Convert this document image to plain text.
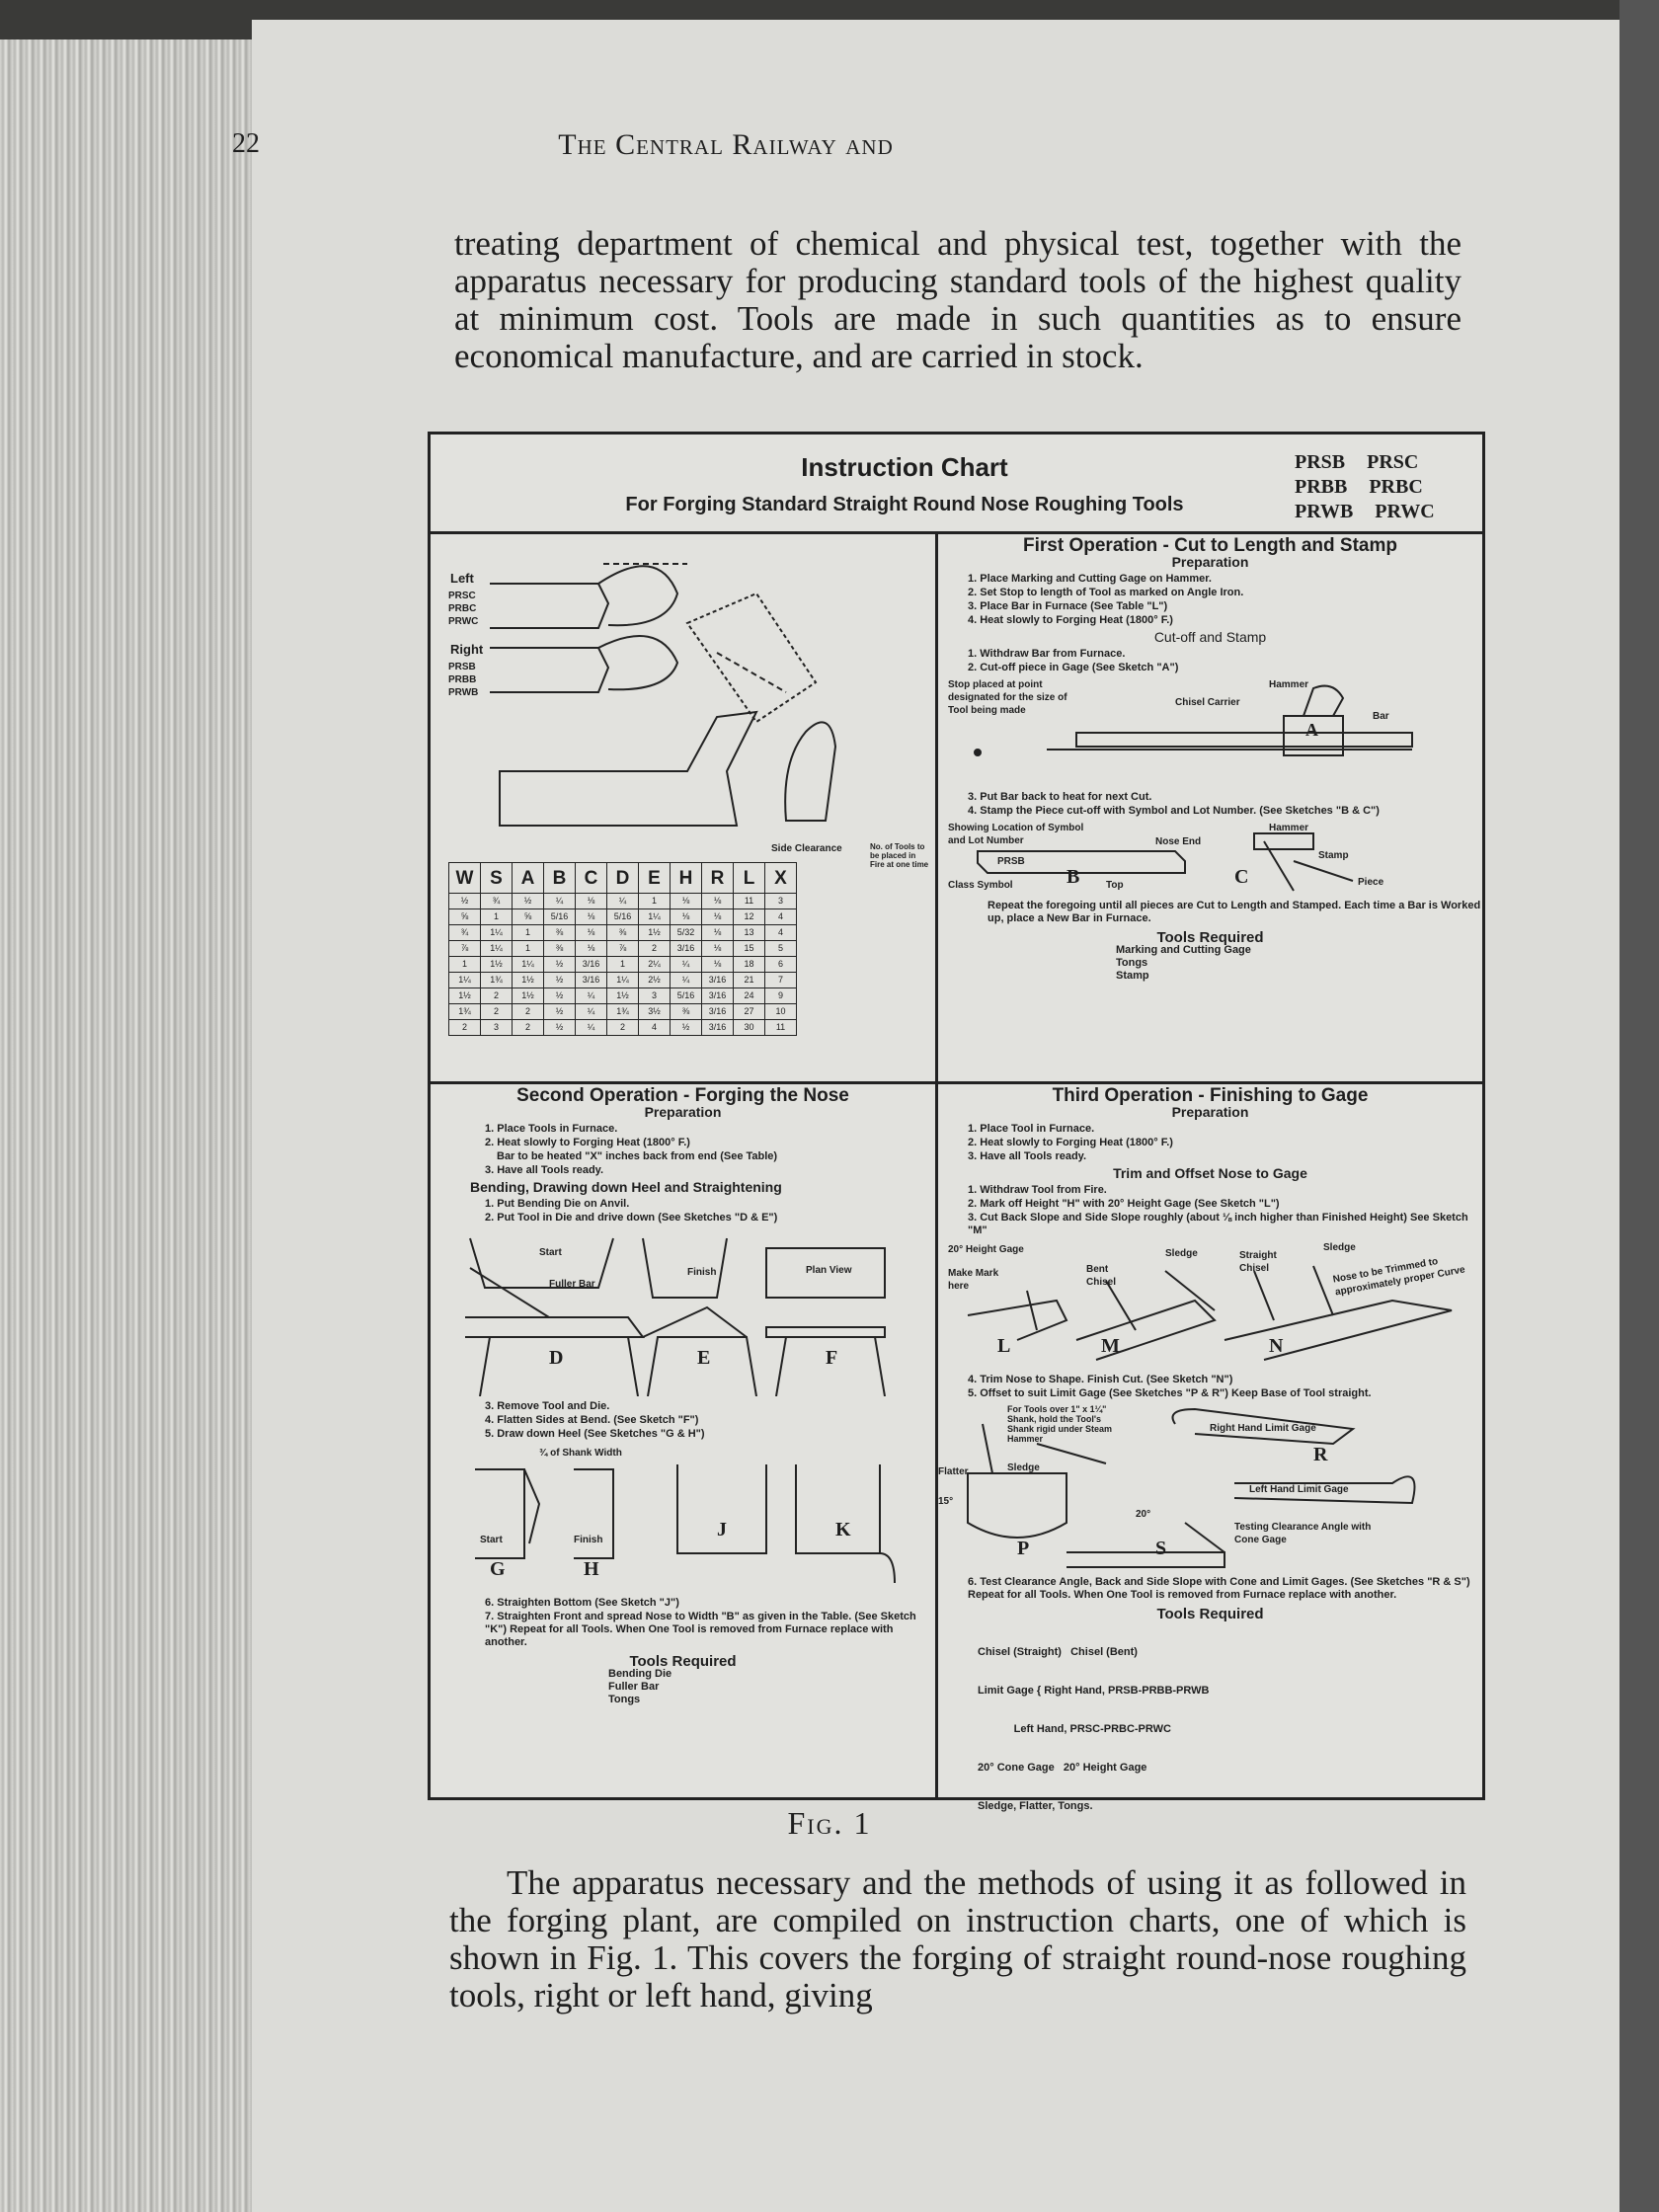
22	The Central Railway and

treating department of chemical and physical test, together with the apparatus necessary for producing standard tools of the highest quality at minimum cost. Tools are made in such quantities as to ensure economical manufacture, and are carried in stock.

Instruction Chart
For Forging Standard Straight Round Nose Roughing Tools
PRSB PRSC
PRBB PRBC
PRWB PRWC
Left
PRSC PRBC PRWC
Right
PRSB PRBB PRWB
Side Clearance	No. of Tools to be placed in Fire at one time
W	S	A	B	C	D	E	H	R	L	X
½	¾	½	¼	⅛	¼	1	⅛	⅛	11	3
⅝	1	⅝	5/16	⅛	5/16	1¼	⅛	⅛	12	4
¾	1¼	1	⅜	⅛	⅜	1½	5/32	⅛	13	4
⅞	1¼	1	⅜	⅛	⅞	2	3/16	⅛	15	5
1	1½	1¼	½	3/16	1	2¼	¼	⅛	18	6
1¼	1¾	1½	½	3/16	1¼	2½	¼	3/16	21	7
1½	2	1½	½	¼	1½	3	5/16	3/16	24	9
1¾	2	2	½	¼	1¾	3½	⅜	3/16	27	10
2	3	2	½	¼	2	4	½	3/16	30	11
First Operation - Cut to Length and Stamp
Preparation
1. Place Marking and Cutting Gage on Hammer.
2. Set Stop to length of Tool as marked on Angle Iron.
3. Place Bar in Furnace (See Table "L")
4. Heat slowly to Forging Heat (1800° F.)
Cut-off and Stamp
1. Withdraw Bar from Furnace.
2. Cut-off piece in Gage (See Sketch "A")
Stop placed at point designated for the size of Tool being made
Chisel Carrier
Hammer
Bar
A
3. Put Bar back to heat for next Cut.
4. Stamp the Piece cut-off with Symbol and Lot Number. (See Sketches "B & C")
Showing Location of Symbol and Lot Number
PRSB
Class Symbol	Top
Nose End
Hammer
Stamp
Piece
B	C
Repeat the foregoing until all pieces are Cut to Length and Stamped. Each time a Bar is Worked up, place a New Bar in Furnace.
Tools Required
Marking and Cutting Gage
Tongs
Stamp
Second Operation - Forging the Nose
Preparation
1. Place Tools in Furnace.
2. Heat slowly to Forging Heat (1800° F.)
Bar to be heated "X" inches back from end (See Table)
3. Have all Tools ready.
Bending, Drawing down Heel and Straightening
1. Put Bending Die on Anvil.
2. Put Tool in Die and drive down (See Sketches "D & E")
Start
Fuller Bar
Finish	Plan View
D	E	F
3. Remove Tool and Die.
4. Flatten Sides at Bend. (See Sketch "F")
5. Draw down Heel (See Sketches "G & H")
¾ of Shank Width
Start	Finish
G	H
J	K
6. Straighten Bottom (See Sketch "J")
7. Straighten Front and spread Nose to Width "B" as given in the Table. (See Sketch "K") Repeat for all Tools. When One Tool is removed from Furnace replace with another.
Tools Required
Bending Die
Fuller Bar
Tongs
Third Operation - Finishing to Gage
Preparation
1. Place Tool in Furnace.
2. Heat slowly to Forging Heat (1800° F.)
3. Have all Tools ready.
Trim and Offset Nose to Gage
1. Withdraw Tool from Fire.
2. Mark off Height "H" with 20° Height Gage (See Sketch "L")
3. Cut Back Slope and Side Slope roughly (about ⅛ inch higher than Finished Height) See Sketch "M"
20° Height Gage
Make Mark here
Bent Chisel
Sledge	Straight Chisel
Sledge
Nose to be Trimmed to approximately proper Curve
L	M	N
4. Trim Nose to Shape. Finish Cut. (See Sketch "N")
5. Offset to suit Limit Gage (See Sketches "P & R") Keep Base of Tool straight.
For Tools over 1" x 1¼" Shank, hold the Tool's Shank rigid under Steam Hammer
Flatter	Sledge
15°
Right Hand Limit Gage
Left Hand Limit Gage
20°
Testing Clearance Angle with Cone Gage
P
R
S
6. Test Clearance Angle, Back and Side Slope with Cone and Limit Gages. (See Sketches "R & S") Repeat for all Tools. When One Tool is removed from Furnace replace with another.
Tools Required

Chisel (Straight)   Chisel (Bent)

Limit Gage { Right Hand, PRSB-PRBB-PRWB

Left Hand, PRSC-PRBC-PRWC

20° Cone Gage   20° Height Gage

Sledge, Flatter, Tongs.

Fig. 1

The apparatus necessary and the methods of using it as followed in the forging plant, are compiled on instruction charts, one of which is shown in Fig. 1. This covers the forging of straight round-nose roughing tools, right or left hand, giving
